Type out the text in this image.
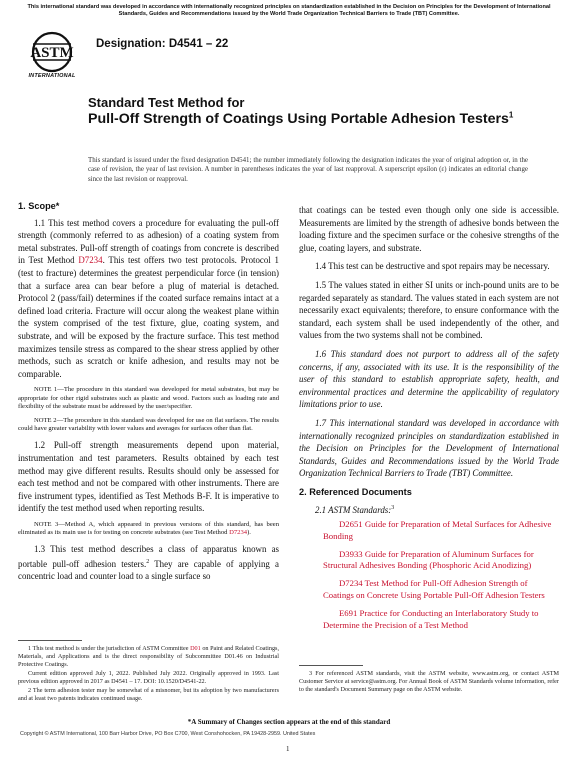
This international standard was developed in accordance with internationally recognized principles on standardization established in the Decision on Principles for the Development of International Standards, Guides and Recommendations issued by the World Trade Organization Technical Barriers to Trade (TBT) Committee.
ASTM
INTERNATIONAL
Designation: D4541 – 22
Standard Test Method for
Pull-Off Strength of Coatings Using Portable Adhesion Testers$^1$
This standard is issued under the fixed designation D4541; the number immediately following the designation indicates the year of original adoption or, in the case of revision, the year of last revision. A number in parentheses indicates the year of last reapproval. A superscript epsilon (ε) indicates an editorial change since the last revision or reapproval.

1. Scope*

1.1 This test method covers a procedure for evaluating the pull-off strength (commonly referred to as adhesion) of a coating system from metal substrates. Pull-off strength of coatings from concrete is described in Test Method D7234. This test offers two test protocols. Protocol 1 (test to fracture) determines the greatest perpendicular force (in tension) that a surface area can bear before a plug of material is detached. Protocol 2 (pass/fail) determines if the coated surface remains intact at a defined load criteria. Fracture will occur along the weakest plane within the system comprised of the test fixture, glue, coating system, and substrate, and will be exposed by the fracture surface. This test method maximizes tensile stress as compared to the shear stress applied by other methods, such as scratch or knife adhesion, and results may not be comparable.

NOTE 1—The procedure in this standard was developed for metal substrates, but may be appropriate for other rigid substrates such as plastic and wood. Factors such as loading rate and flexibility of the substrate must be addressed by the user/specifier.

NOTE 2—The procedure in this standard was developed for use on flat surfaces. The results could have greater variability with lower values and averages for surfaces other than flat.

1.2 Pull-off strength measurements depend upon material, instrumentation and test parameters. Results obtained by each test method may give different results. Results should only be assessed for each test method and not be compared with other instruments. There are five instrument types, identified as Test Methods B-F. It is imperative to identify the test method used when reporting results.

NOTE 3—Method A, which appeared in previous versions of this standard, has been eliminated as its main use is for testing on concrete substrates (see Test Method D7234).

1.3 This test method describes a class of apparatus known as portable pull-off adhesion testers.$^2$ They are capable of applying a concentric load and counter load to a single surface so

that coatings can be tested even though only one side is accessible. Measurements are limited by the strength of adhesive bonds between the loading fixture and the specimen surface or the cohesive strengths of the glue, coating layers, and substrate.

1.4 This test can be destructive and spot repairs may be necessary.

1.5 The values stated in either SI units or inch-pound units are to be regarded separately as standard. The values stated in each system are not necessarily exact equivalents; therefore, to ensure conformance with the standard, each system shall be used independently of the other, and values from the two systems shall not be combined.

1.6 This standard does not purport to address all of the safety concerns, if any, associated with its use. It is the responsibility of the user of this standard to establish appropriate safety, health, and environmental practices and determine the applicability of regulatory limitations prior to use.

1.7 This international standard was developed in accordance with internationally recognized principles on standardization established in the Decision on Principles for the Development of International Standards, Guides and Recommendations issued by the World Trade Organization Technical Barriers to Trade (TBT) Committee.

2. Referenced Documents

2.1 ASTM Standards:$^3$

D2651 Guide for Preparation of Metal Surfaces for Adhesive Bonding

D3933 Guide for Preparation of Aluminum Surfaces for Structural Adhesives Bonding (Phosphoric Acid Anodizing)

D7234 Test Method for Pull-Off Adhesion Strength of Coatings on Concrete Using Portable Pull-Off Adhesion Testers

E691 Practice for Conducting an Interlaboratory Study to Determine the Precision of a Test Method

1 This test method is under the jurisdiction of ASTM Committee D01 on Paint and Related Coatings, Materials, and Applications and is the direct responsibility of Subcommittee D01.46 on Industrial Protective Coatings.

Current edition approved July 1, 2022. Published July 2022. Originally approved in 1993. Last previous edition approved in 2017 as D4541 – 17. DOI: 10.1520/D4541-22.

2 The term adhesion tester may be somewhat of a misnomer, but its adoption by two manufacturers and at least two patents indicates continued usage.

3 For referenced ASTM standards, visit the ASTM website, www.astm.org, or contact ASTM Customer Service at service@astm.org. For Annual Book of ASTM Standards volume information, refer to the standard's Document Summary page on the ASTM website.

*A Summary of Changes section appears at the end of this standard
Copyright © ASTM International, 100 Barr Harbor Drive, PO Box C700, West Conshohocken, PA 19428-2959. United States
1
